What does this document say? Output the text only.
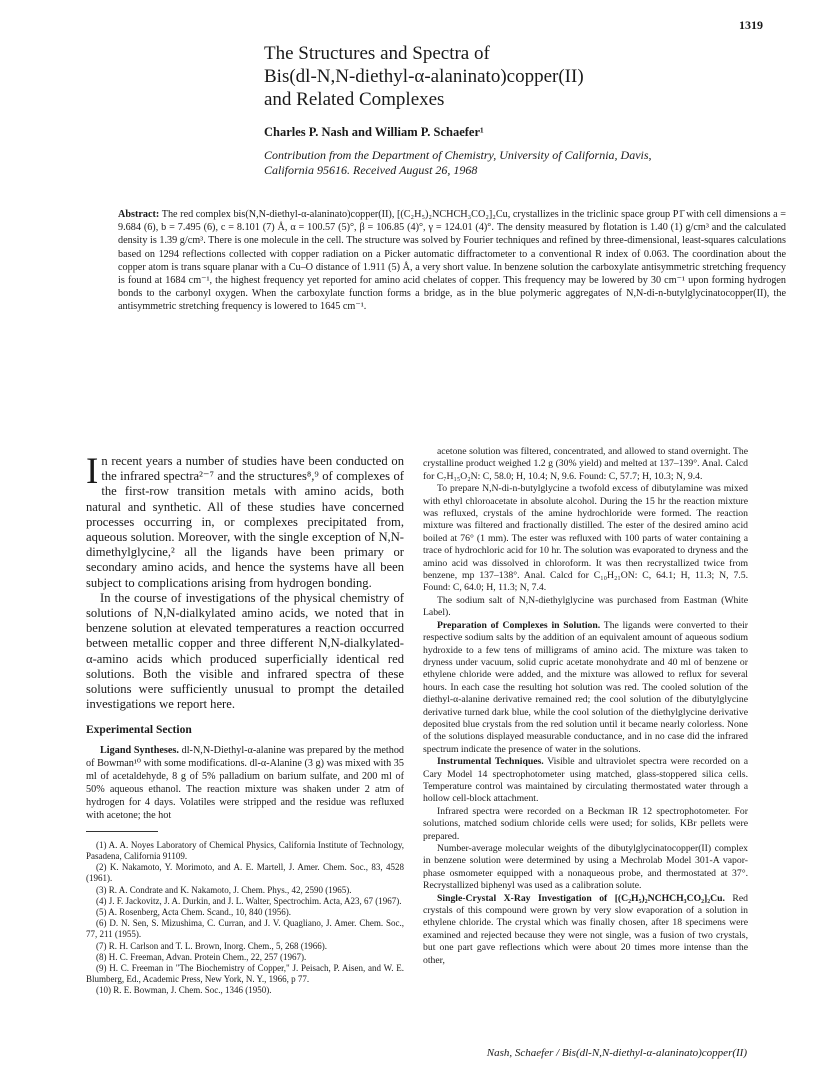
1319
The Structures and Spectra of
Bis(dl-N,N-diethyl-α-alaninato)copper(II)
and Related Complexes

Charles P. Nash and William P. Schaefer¹

Contribution from the Department of Chemistry, University of California, Davis,
California 95616. Received August 26, 1968

Abstract: The red complex bis(N,N-diethyl-α-alaninato)copper(II), [(C₂H₅)₂NCHCH₃CO₂]₂Cu, crystallizes in the triclinic space group P1̄ with cell dimensions a = 9.684 (6), b = 7.495 (6), c = 8.101 (7) Å, α = 100.57 (5)°, β = 106.85 (4)°, γ = 124.01 (4)°. The density measured by flotation is 1.40 (1) g/cm³ and the calculated density is 1.39 g/cm³. There is one molecule in the cell. The structure was solved by Fourier techniques and refined by three-dimensional, least-squares calculations based on 1294 reflections collected with copper radiation on a Picker automatic diffractometer to a conventional R index of 0.063. The coordination about the copper atom is trans square planar with a Cu–O distance of 1.911 (5) Å, a very short value. In benzene solution the carboxylate antisymmetric stretching frequency is found at 1684 cm⁻¹, the highest frequency yet reported for amino acid chelates of copper. This frequency may be lowered by 30 cm⁻¹ upon forming hydrogen bonds to the carbonyl oxygen. When the carboxylate function forms a bridge, as in the blue polymeric aggregates of N,N-di-n-butylglycinatocopper(II), the antisymmetric stretching frequency is lowered to 1645 cm⁻¹.

In recent years a number of studies have been conducted on the infrared spectra²⁻⁷ and the structures⁸,⁹ of complexes of the first-row transition metals with amino acids, both natural and synthetic. All of these studies have concerned processes occurring in, or complexes precipitated from, aqueous solution. Moreover, with the single exception of N,N-dimethylglycine,² all the ligands have been primary or secondary amino acids, and hence the systems have all been subject to complications arising from hydrogen bonding.

In the course of investigations of the physical chemistry of solutions of N,N-dialkylated amino acids, we noted that in benzene solution at elevated temperatures a reaction occurred between metallic copper and three different N,N-dialkylated-α-amino acids which produced superficially identical red solutions. Both the visible and infrared spectra of these solutions were sufficiently unusual to prompt the detailed investigations we report here.

Experimental Section

Ligand Syntheses. dl-N,N-Diethyl-α-alanine was prepared by the method of Bowman¹⁰ with some modifications. dl-α-Alanine (3 g) was mixed with 35 ml of acetaldehyde, 8 g of 5% palladium on barium sulfate, and 200 ml of 50% aqueous ethanol. The reaction mixture was shaken under 2 atm of hydrogen for 4 days. Volatiles were stripped and the residue was refluxed with acetone; the hot

(1) A. A. Noyes Laboratory of Chemical Physics, California Institute of Technology, Pasadena, California 91109.

(2) K. Nakamoto, Y. Morimoto, and A. E. Martell, J. Amer. Chem. Soc., 83, 4528 (1961).

(3) R. A. Condrate and K. Nakamoto, J. Chem. Phys., 42, 2590 (1965).

(4) J. F. Jackovitz, J. A. Durkin, and J. L. Walter, Spectrochim. Acta, A23, 67 (1967).

(5) A. Rosenberg, Acta Chem. Scand., 10, 840 (1956).

(6) D. N. Sen, S. Mizushima, C. Curran, and J. V. Quagliano, J. Amer. Chem. Soc., 77, 211 (1955).

(7) R. H. Carlson and T. L. Brown, Inorg. Chem., 5, 268 (1966).

(8) H. C. Freeman, Advan. Protein Chem., 22, 257 (1967).

(9) H. C. Freeman in "The Biochemistry of Copper," J. Peisach, P. Aisen, and W. E. Blumberg, Ed., Academic Press, New York, N. Y., 1966, p 77.

(10) R. E. Bowman, J. Chem. Soc., 1346 (1950).

acetone solution was filtered, concentrated, and allowed to stand overnight. The crystalline product weighed 1.2 g (30% yield) and melted at 137–139°. Anal. Calcd for C₇H₁₅O₂N: C, 58.0; H, 10.4; N, 9.6. Found: C, 57.7; H, 10.3; N, 9.4.

To prepare N,N-di-n-butylglycine a twofold excess of dibutylamine was mixed with ethyl chloroacetate in absolute alcohol. During the 15 hr the reaction mixture was refluxed, crystals of the amine hydrochloride were formed. The reaction mixture was filtered and fractionally distilled. The ester of the desired amino acid boiled at 76° (1 mm). The ester was refluxed with 100 parts of water containing a trace of hydrochloric acid for 10 hr. The solution was evaporated to dryness and the amino acid was dissolved in chloroform. It was then recrystallized twice from benzene, mp 137–138°. Anal. Calcd for C₁₀H₂₁ON: C, 64.1; H, 11.3; N, 7.5. Found: C, 64.0; H, 11.3; N, 7.4.

The sodium salt of N,N-diethylglycine was purchased from Eastman (White Label).

Preparation of Complexes in Solution. The ligands were converted to their respective sodium salts by the addition of an equivalent amount of aqueous sodium hydroxide to a few tens of milligrams of amino acid. The mixture was taken to dryness under vacuum, solid cupric acetate monohydrate and 40 ml of benzene or ethylene chloride were added, and the mixture was allowed to reflux for several hours. In each case the resulting hot solution was red. The cooled solution of the diethyl-α-alanine derivative remained red; the cool solution of the dibutylglycine derivative turned dark blue, while the cool solution of the diethylglycine derivative deposited blue crystals from the red solution until it became nearly colorless. None of the solutions displayed measurable conductance, and in no case did the infrared spectrum indicate the presence of water in the solutions.

Instrumental Techniques. Visible and ultraviolet spectra were recorded on a Cary Model 14 spectrophotometer using matched, glass-stoppered silica cells. Temperature control was maintained by circulating thermostated water through a hollow cell-block attachment.

Infrared spectra were recorded on a Beckman IR 12 spectrophotometer. For solutions, matched sodium chloride cells were used; for solids, KBr pellets were prepared.

Number-average molecular weights of the dibutylglycinatocopper(II) complex in benzene solution were determined by using a Mechrolab Model 301-A vapor-phase osmometer equipped with a nonaqueous probe, and thermostated at 37°. Recrystallized biphenyl was used as a calibration solute.

Single-Crystal X-Ray Investigation of [(C₂H₅)₂NCHCH₃CO₂]₂Cu. Red crystals of this compound were grown by very slow evaporation of a solution in ethylene chloride. The crystal which was finally chosen, after 18 specimens were examined and rejected because they were not single, was a fusion of two crystals, but one part gave reflections which were about 20 times more intense than the other,

Nash, Schaefer / Bis(dl-N,N-diethyl-α-alaninato)copper(II)
